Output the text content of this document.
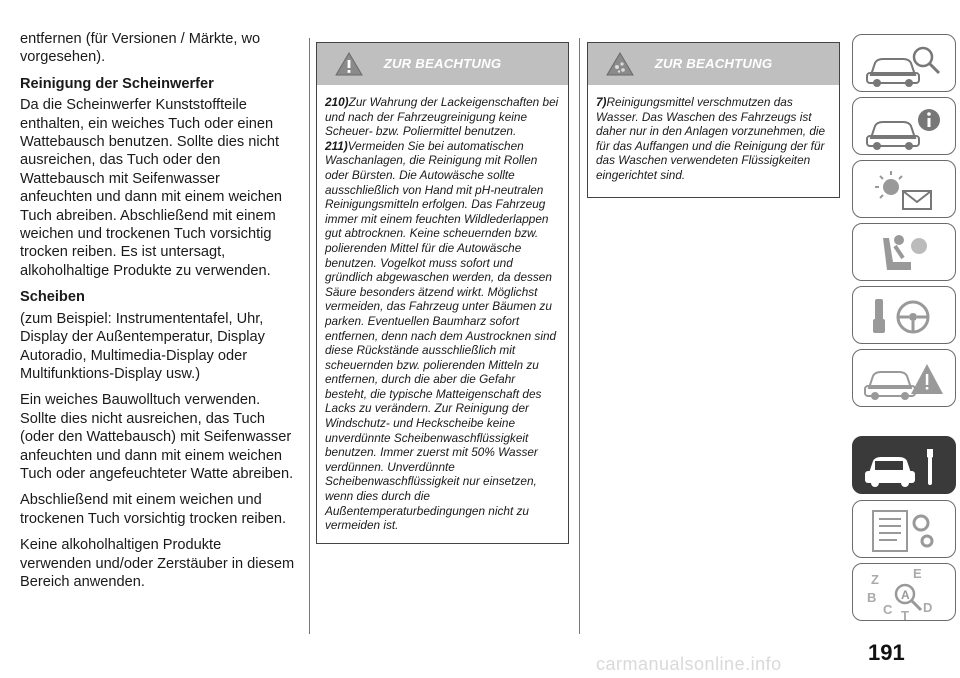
entfernen (für Versionen / Märkte, wo vorgesehen).

Reinigung der Scheinwerfer

Da die Scheinwerfer Kunststoffteile enthalten, ein weiches Tuch oder einen Wattebausch benutzen. Sollte dies nicht ausreichen, das Tuch oder den Wattebausch mit Seifenwasser anfeuchten und dann mit einem weichen Tuch abreiben. Abschließend mit einem weichen und trockenen Tuch vorsichtig trocken reiben. Es ist untersagt, alkoholhaltige Produkte zu verwenden.

Scheiben

(zum Beispiel: Instrumententafel, Uhr, Display der Außentemperatur, Display Autoradio, Multimedia-Display oder Multifunktions-Display usw.)

Ein weiches Bauwolltuch verwenden. Sollte dies nicht ausreichen, das Tuch (oder den Wattebausch) mit Seifenwasser anfeuchten und dann mit einem weichen Tuch oder angefeuchteter Watte abreiben.

Abschließend mit einem weichen und trockenen Tuch vorsichtig trocken reiben.

Keine alkoholhaltigen Produkte verwenden und/oder Zerstäuber in diesem Bereich anwenden.

ZUR BEACHTUNG

210)Zur Wahrung der Lackeigenschaften bei und nach der Fahrzeugreinigung keine Scheuer- bzw. Poliermittel benutzen.

211)Vermeiden Sie bei automatischen Waschanlagen, die Reinigung mit Rollen oder Bürsten. Die Autowäsche sollte ausschließlich von Hand mit pH-neutralen Reinigungsmitteln erfolgen. Das Fahrzeug immer mit einem feuchten Wildlederlappen gut abtrocknen. Keine scheuernden bzw. polierenden Mittel für die Autowäsche benutzen. Vogelkot muss sofort und gründlich abgewaschen werden, da dessen Säure besonders ätzend wirkt. Möglichst vermeiden, das Fahrzeug unter Bäumen zu parken. Eventuellen Baumharz sofort entfernen, denn nach dem Austrocknen sind diese Rückstände ausschließlich mit scheuernden bzw. polierenden Mitteln zu entfernen, durch die aber die Gefahr besteht, die typische Matteigenschaft des Lacks zu verändern. Zur Reinigung der Windschutz- und Heckscheibe keine unverdünnte Scheibenwaschflüssigkeit benutzen. Immer zuerst mit 50% Wasser verdünnen. Unverdünnte Scheibenwaschflüssigkeit nur einsetzen, wenn dies durch die Außentemperaturbedingungen nicht zu vermeiden ist.

ZUR BEACHTUNG

7)Reinigungsmittel verschmutzen das Wasser. Das Waschen des Fahrzeugs ist daher nur in den Anlagen vorzunehmen, die für das Auffangen und die Reinigung der für das Waschen verwendeten Flüssigkeiten eingerichtet sind.

Z	E
B
C D
T
A
191
carmanualsonline.info
